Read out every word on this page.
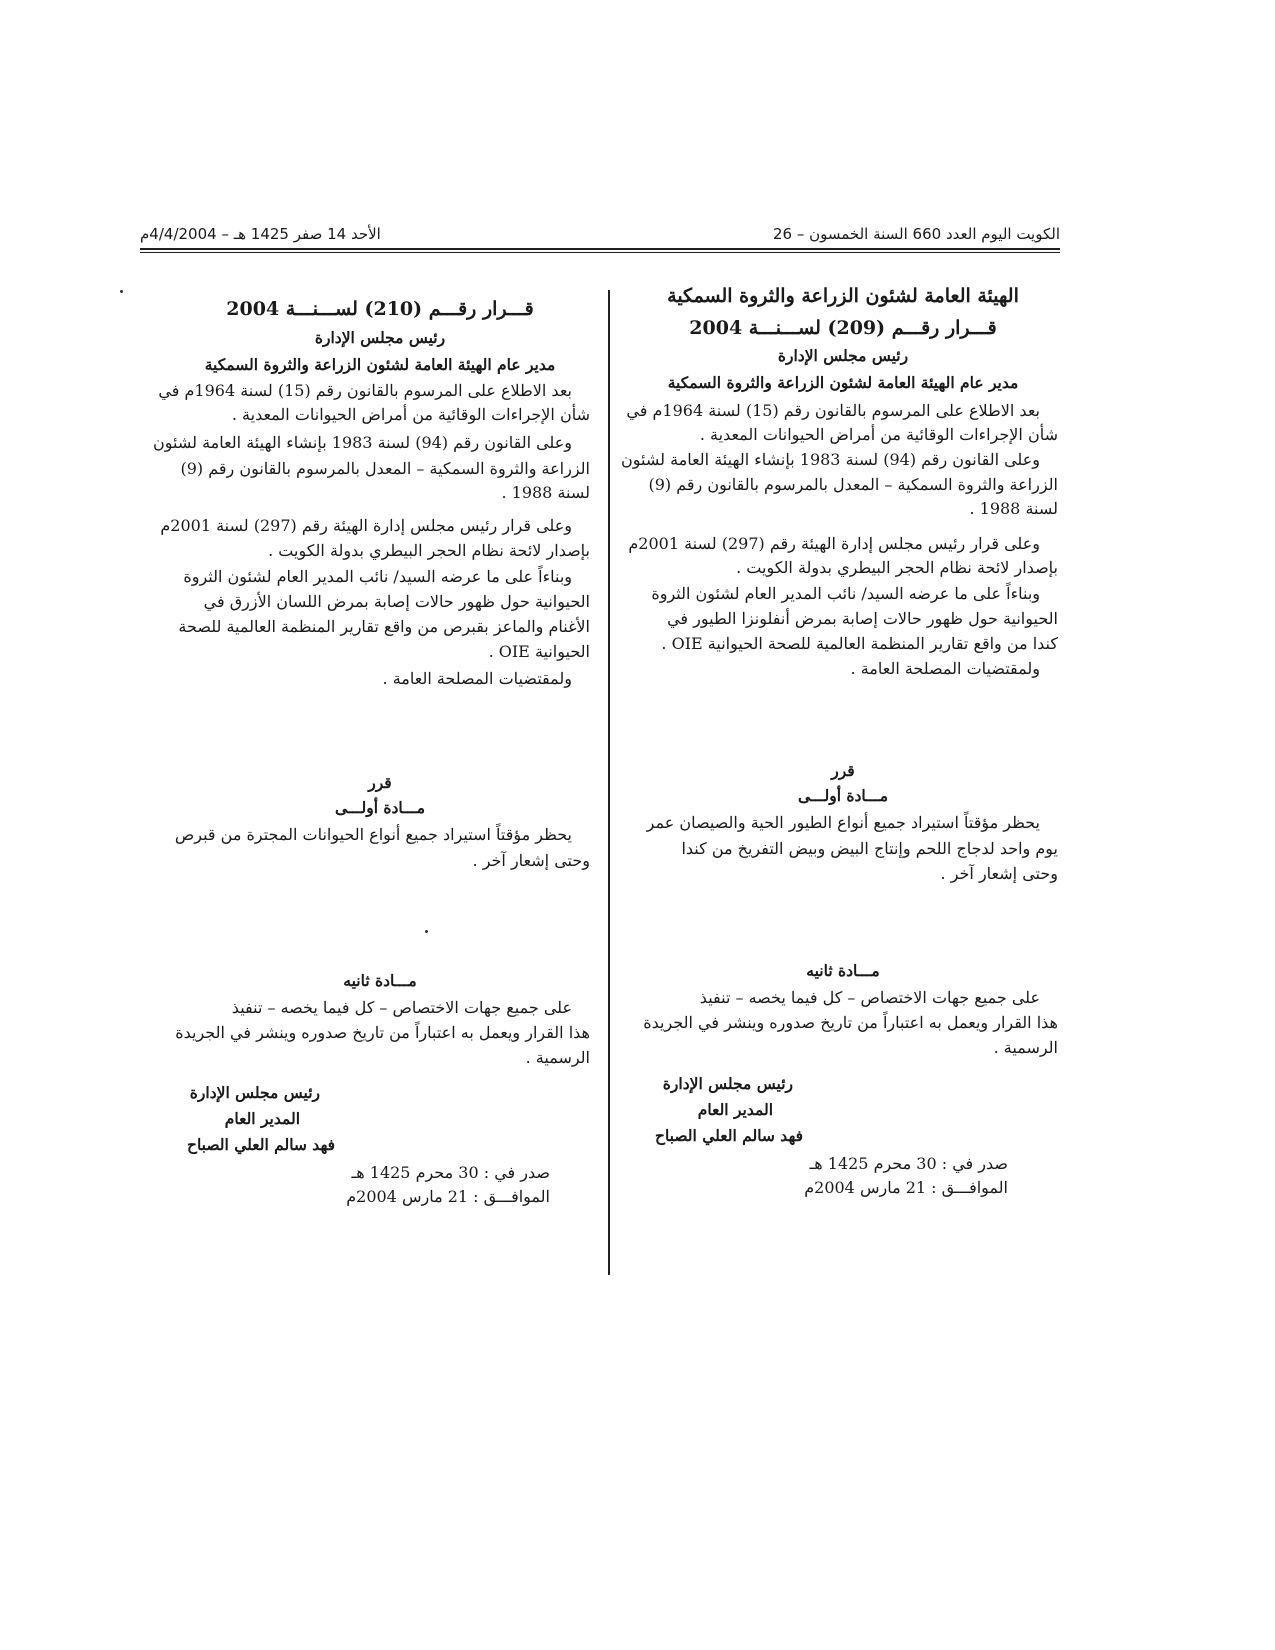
الكويت اليوم العدد 660 السنة الخمسون – 26
الأحد 14 صفر 1425 هـ – 4/4/2004م
الهيئة العامة لشئون الزراعة والثروة السمكية
قـــرار رقـــم (209) لســـنـــة 2004
رئيس مجلس الإدارة
مدير عام الهيئة العامة لشئون الزراعة والثروة السمكية
بعد الاطلاع على المرسوم بالقانون رقم (15) لسنة 1964م في
شأن الإجراءات الوقائية من أمراض الحيوانات المعدية .
وعلى القانون رقم (94) لسنة 1983 بإنشاء الهيئة العامة لشئون
الزراعة والثروة السمكية – المعدل بالمرسوم بالقانون رقم (9)
لسنة 1988 .
وعلى قرار رئيس مجلس إدارة الهيئة رقم (297) لسنة 2001م
بإصدار لائحة نظام الحجر البيطري بدولة الكويت .
وبناءاً على ما عرضه السيد/ نائب المدير العام لشئون الثروة
الحيوانية حول ظهور حالات إصابة بمرض أنفلونزا الطيور في
كندا من واقع تقارير المنظمة العالمية للصحة الحيوانية OIE .
ولمقتضيات المصلحة العامة .
قرر
مـــادة أولـــى
يحظر مؤقتاً استيراد جميع أنواع الطيور الحية والصيصان عمر
يوم واحد لدجاج اللحم وإنتاج البيض وبيض التفريخ من كندا
وحتى إشعار آخر .
مـــادة ثانيه
على جميع جهات الاختصاص – كل فيما يخصه – تنفيذ
هذا القرار ويعمل به اعتباراً من تاريخ صدوره وينشر في الجريدة
الرسمية .
رئيس مجلس الإدارة
المدير العام
فهد سالم العلي الصباح
صدر في : 30 محرم 1425 هـ
الموافـــق : 21 مارس 2004م
قـــرار رقـــم (210) لســـنـــة 2004
رئيس مجلس الإدارة
مدير عام الهيئة العامة لشئون الزراعة والثروة السمكية
بعد الاطلاع على المرسوم بالقانون رقم (15) لسنة 1964م في
شأن الإجراءات الوقائية من أمراض الحيوانات المعدية .
وعلى القانون رقم (94) لسنة 1983 بإنشاء الهيئة العامة لشئون
الزراعة والثروة السمكية – المعدل بالمرسوم بالقانون رقم (9)
لسنة 1988 .
وعلى قرار رئيس مجلس إدارة الهيئة رقم (297) لسنة 2001م
بإصدار لائحة نظام الحجر البيطري بدولة الكويت .
وبناءاً على ما عرضه السيد/ نائب المدير العام لشئون الثروة
الحيوانية حول ظهور حالات إصابة بمرض اللسان الأزرق في
الأغنام والماعز بقبرص من واقع تقارير المنظمة العالمية للصحة
الحيوانية OIE .
ولمقتضيات المصلحة العامة .
قرر
مـــادة أولـــى
يحظر مؤقتاً استيراد جميع أنواع الحيوانات المجترة من قبرص
وحتى إشعار آخر .
مـــادة ثانيه
على جميع جهات الاختصاص – كل فيما يخصه – تنفيذ
هذا القرار ويعمل به اعتباراً من تاريخ صدوره وينشر في الجريدة
الرسمية .
رئيس مجلس الإدارة
المدير العام
فهد سالم العلي الصباح
صدر في : 30 محرم 1425 هـ
الموافـــق : 21 مارس 2004م
